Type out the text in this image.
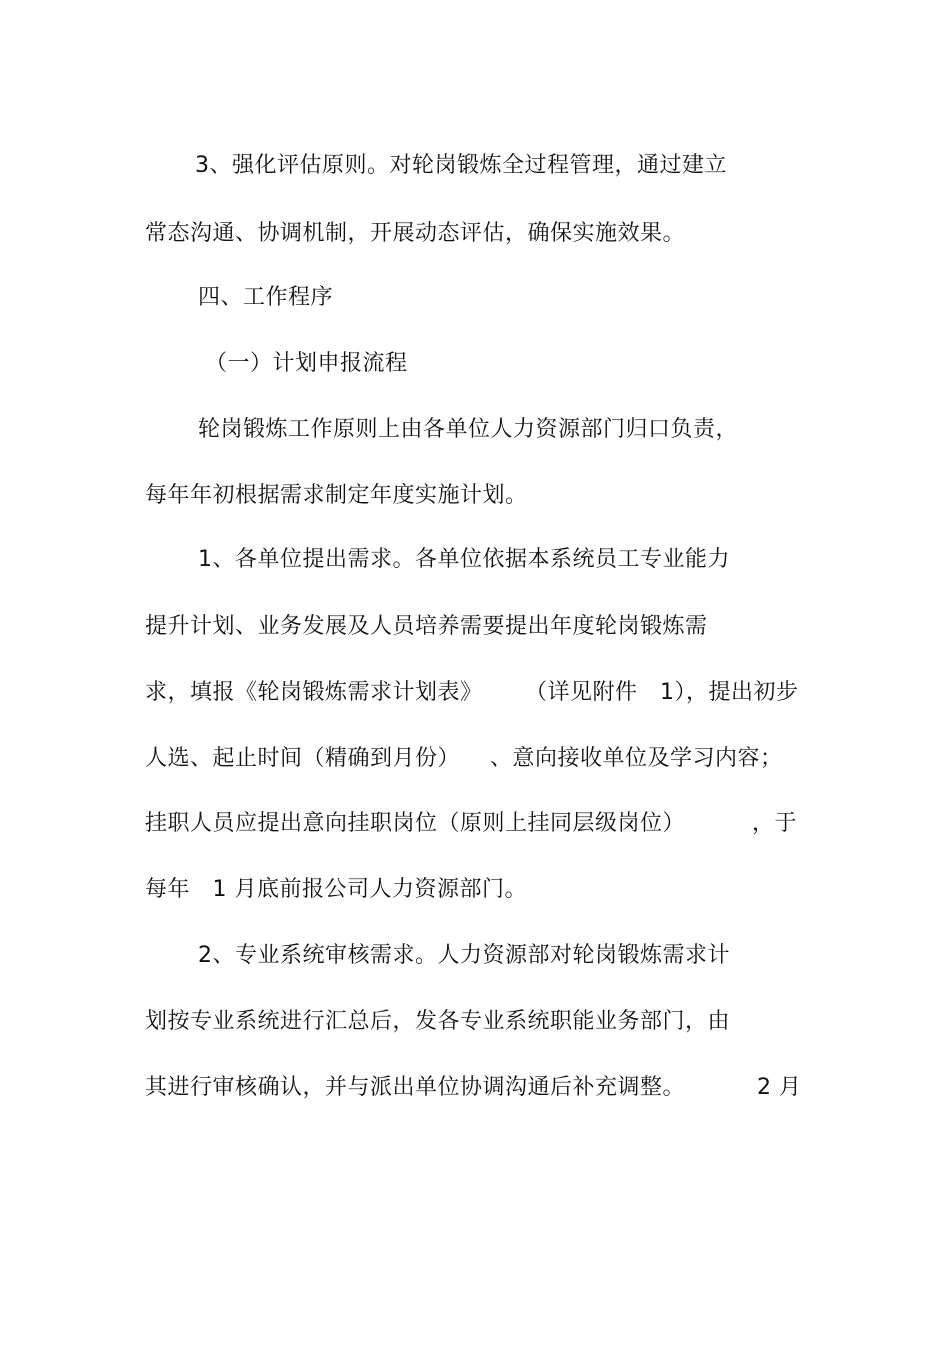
3、强化评估原则。对轮岗锻炼全过程管理，通过建立
常态沟通、协调机制，开展动态评估，确保实施效果。
四、工作程序
（一）计划申报流程
轮岗锻炼工作原则上由各单位人力资源部门归口负责，
每年年初根据需求制定年度实施计划。
1、各单位提出需求。各单位依据本系统员工专业能力
提升计划、业务发展及人员培养需要提出年度轮岗锻炼需
求，填报《轮岗锻炼需求计划表》 （详见附件　1），提出初步
人选、起止时间（精确到月份） 、意向接收单位及学习内容；
挂职人员应提出意向挂职岗位（原则上挂同层级岗位）	，于
每年　1 月底前报公司人力资源部门。
2、专业系统审核需求。人力资源部对轮岗锻炼需求计
划按专业系统进行汇总后，发各专业系统职能业务部门，由
其进行审核确认，并与派出单位协调沟通后补充调整。	2 月
